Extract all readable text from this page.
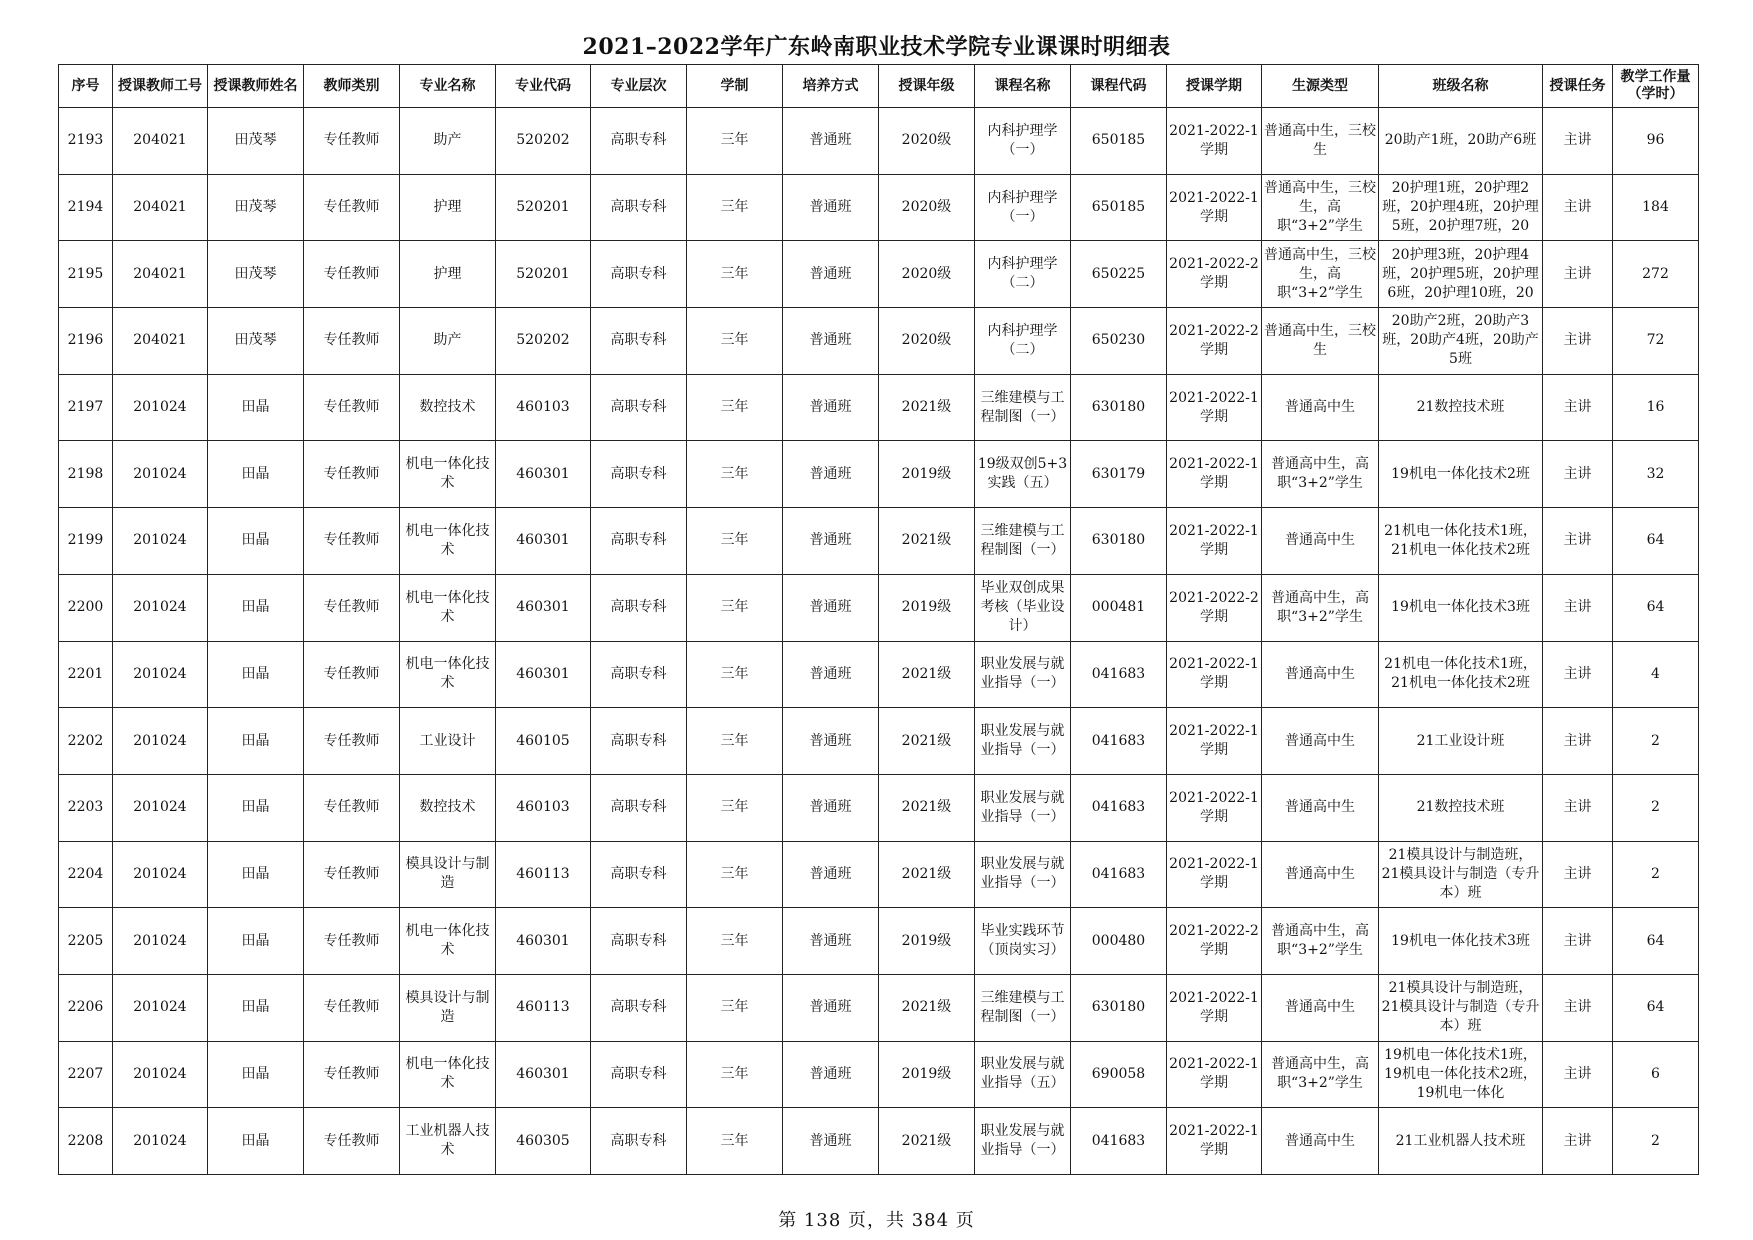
2021–2022学年广东岭南职业技术学院专业课课时明细表
序号	授课教师工号	授课教师姓名	教师类别	专业名称	专业代码	专业层次	学制	培养方式	授课年级	课程名称	课程代码	授课学期	生源类型	班级名称	授课任务	教学工作量（学时）

2193	204021	田茂琴	专任教师	助产	520202	高职专科	三年	普通班	2020级	内科护理学（一）	650185	2021-2022-1学期	普通高中生，三校生	20助产1班，20助产6班	主讲	96

2194	204021	田茂琴	专任教师	护理	520201	高职专科	三年	普通班	2020级	内科护理学（一）	650185	2021-2022-1学期	普通高中生，三校生，高职“3+2”学生	20护理1班，20护理2班，20护理4班，20护理5班，20护理7班，20	主讲	184

2195	204021	田茂琴	专任教师	护理	520201	高职专科	三年	普通班	2020级	内科护理学（二）	650225	2021-2022-2学期	普通高中生，三校生，高职“3+2”学生	20护理3班，20护理4班，20护理5班，20护理6班，20护理10班，20	主讲	272

2196	204021	田茂琴	专任教师	助产	520202	高职专科	三年	普通班	2020级	内科护理学（二）	650230	2021-2022-2学期	普通高中生，三校生	20助产2班，20助产3班，20助产4班，20助产5班	主讲	72

2197	201024	田晶	专任教师	数控技术	460103	高职专科	三年	普通班	2021级	三维建模与工程制图（一）	630180	2021-2022-1学期	普通高中生	21数控技术班	主讲	16

2198	201024	田晶	专任教师	机电一体化技术	460301	高职专科	三年	普通班	2019级	19级双创5+3实践（五）	630179	2021-2022-1学期	普通高中生，高职“3+2”学生	19机电一体化技术2班	主讲	32

2199	201024	田晶	专任教师	机电一体化技术	460301	高职专科	三年	普通班	2021级	三维建模与工程制图（一）	630180	2021-2022-1学期	普通高中生	21机电一体化技术1班，21机电一体化技术2班	主讲	64

2200	201024	田晶	专任教师	机电一体化技术	460301	高职专科	三年	普通班	2019级	毕业双创成果考核（毕业设计）	000481	2021-2022-2学期	普通高中生，高职“3+2”学生	19机电一体化技术3班	主讲	64

2201	201024	田晶	专任教师	机电一体化技术	460301	高职专科	三年	普通班	2021级	职业发展与就业指导（一）	041683	2021-2022-1学期	普通高中生	21机电一体化技术1班，21机电一体化技术2班	主讲	4

2202	201024	田晶	专任教师	工业设计	460105	高职专科	三年	普通班	2021级	职业发展与就业指导（一）	041683	2021-2022-1学期	普通高中生	21工业设计班	主讲	2

2203	201024	田晶	专任教师	数控技术	460103	高职专科	三年	普通班	2021级	职业发展与就业指导（一）	041683	2021-2022-1学期	普通高中生	21数控技术班	主讲	2

2204	201024	田晶	专任教师	模具设计与制造	460113	高职专科	三年	普通班	2021级	职业发展与就业指导（一）	041683	2021-2022-1学期	普通高中生	21模具设计与制造班，21模具设计与制造（专升本）班	主讲	2

2205	201024	田晶	专任教师	机电一体化技术	460301	高职专科	三年	普通班	2019级	毕业实践环节（顶岗实习）	000480	2021-2022-2学期	普通高中生，高职“3+2”学生	19机电一体化技术3班	主讲	64

2206	201024	田晶	专任教师	模具设计与制造	460113	高职专科	三年	普通班	2021级	三维建模与工程制图（一）	630180	2021-2022-1学期	普通高中生	21模具设计与制造班，21模具设计与制造（专升本）班	主讲	64

2207	201024	田晶	专任教师	机电一体化技术	460301	高职专科	三年	普通班	2019级	职业发展与就业指导（五）	690058	2021-2022-1学期	普通高中生，高职“3+2”学生	19机电一体化技术1班，19机电一体化技术2班，19机电一体化	主讲	6

2208	201024	田晶	专任教师	工业机器人技术	460305	高职专科	三年	普通班	2021级	职业发展与就业指导（一）	041683	2021-2022-1学期	普通高中生	21工业机器人技术班	主讲	2
第 138 页，共 384 页
